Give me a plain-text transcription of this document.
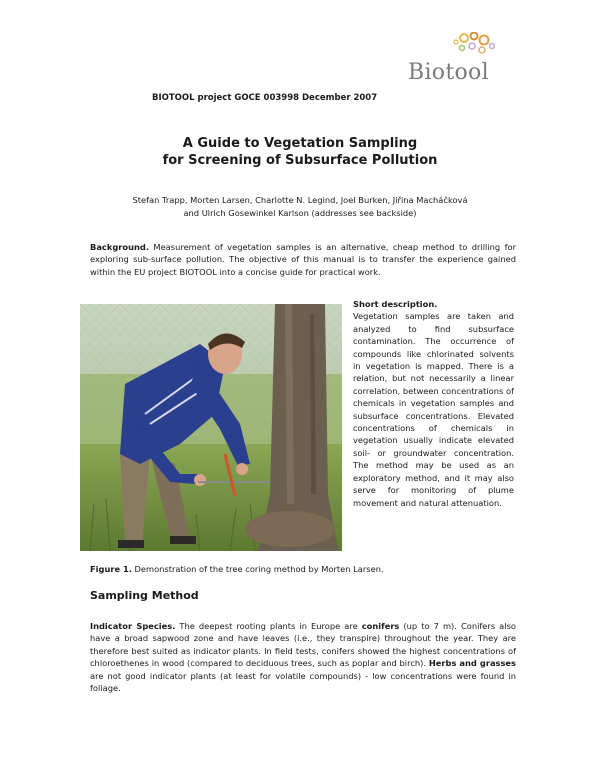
Biotool
BIOTOOL project GOCE 003998 December 2007
A Guide to Vegetation Sampling
for Screening of Subsurface Pollution
Stefan Trapp, Morten Larsen, Charlotte N. Legind, Joel Burken, Jiřina Macháčková
and Ulrich Gosewinkel Karlson (addresses see backside)
Background. Measurement of vegetation samples is an alternative, cheap method to drilling for exploring sub-surface pollution. The objective of this manual is to transfer the experience gained within the EU project BIOTOOL into a concise guide for practical work.
Short description.
Vegetation samples are taken and analyzed to find subsurface contamination. The occurrence of compounds like chlorinated solvents in vegetation is mapped. There is a relation, but not necessarily a linear correlation, between concentrations of chemicals in vegetation samples and subsurface concentrations. Elevated concentrations of chemicals in vegetation usually indicate elevated soil- or groundwater concentration. The method may be used as an exploratory method, and it may also serve for monitoring of plume movement and natural attenuation.
Figure 1. Demonstration of the tree coring method by Morten Larsen.
Sampling Method
Indicator Species. The deepest rooting plants in Europe are conifers (up to 7 m). Conifers also have a broad sapwood zone and have leaves (i.e., they transpire) throughout the year. They are therefore best suited as indicator plants. In field tests, conifers showed the highest concentrations of chloroethenes in wood (compared to deciduous trees, such as poplar and birch). Herbs and grasses are not good indicator plants (at least for volatile compounds) - low concentrations were found in foliage.
